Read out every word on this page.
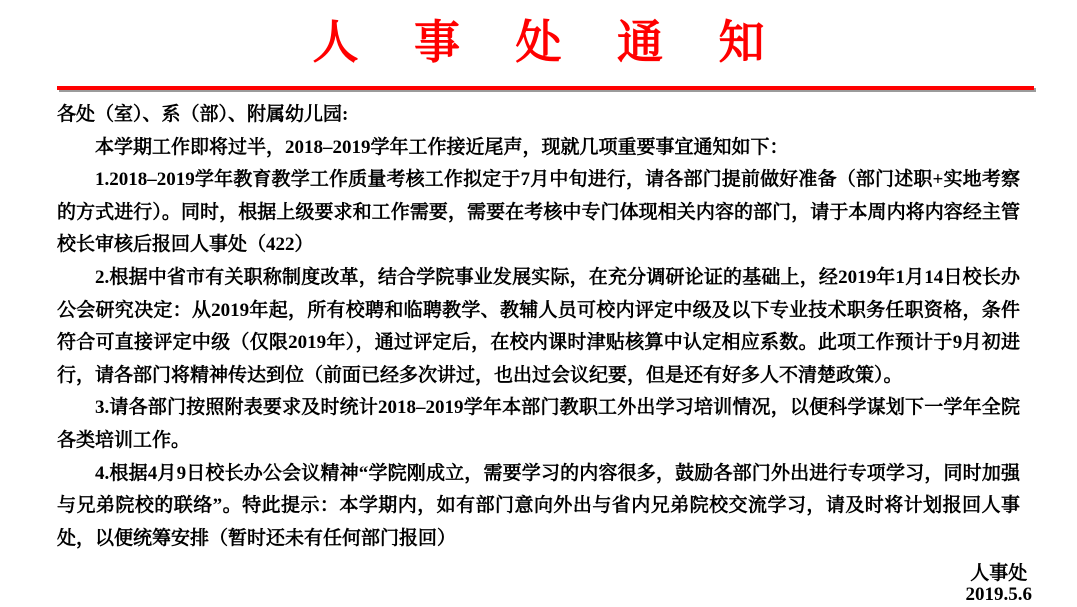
人 事 处 通 知

各处（室）、系（部）、附属幼儿园:

本学期工作即将过半，2018–2019学年工作接近尾声，现就几项重要事宜通知如下：

1.2018–2019学年教育教学工作质量考核工作拟定于7月中旬进行，请各部门提前做好准备（部门述职+实地考察的方式进行）。同时，根据上级要求和工作需要，需要在考核中专门体现相关内容的部门，请于本周内将内容经主管校长审核后报回人事处（422）

2.根据中省市有关职称制度改革，结合学院事业发展实际，在充分调研论证的基础上，经2019年1月14日校长办公会研究决定：从2019年起，所有校聘和临聘教学、教辅人员可校内评定中级及以下专业技术职务任职资格，条件符合可直接评定中级（仅限2019年），通过评定后，在校内课时津贴核算中认定相应系数。此项工作预计于9月初进行，请各部门将精神传达到位（前面已经多次讲过，也出过会议纪要，但是还有好多人不清楚政策）。

3.请各部门按照附表要求及时统计2018–2019学年本部门教职工外出学习培训情况，以便科学谋划下一学年全院各类培训工作。

4.根据4月9日校长办公会议精神“学院刚成立，需要学习的内容很多，鼓励各部门外出进行专项学习，同时加强与兄弟院校的联络”。特此提示：本学期内，如有部门意向外出与省内兄弟院校交流学习，请及时将计划报回人事处，以便统筹安排（暂时还未有任何部门报回）

人事处
2019.5.6
